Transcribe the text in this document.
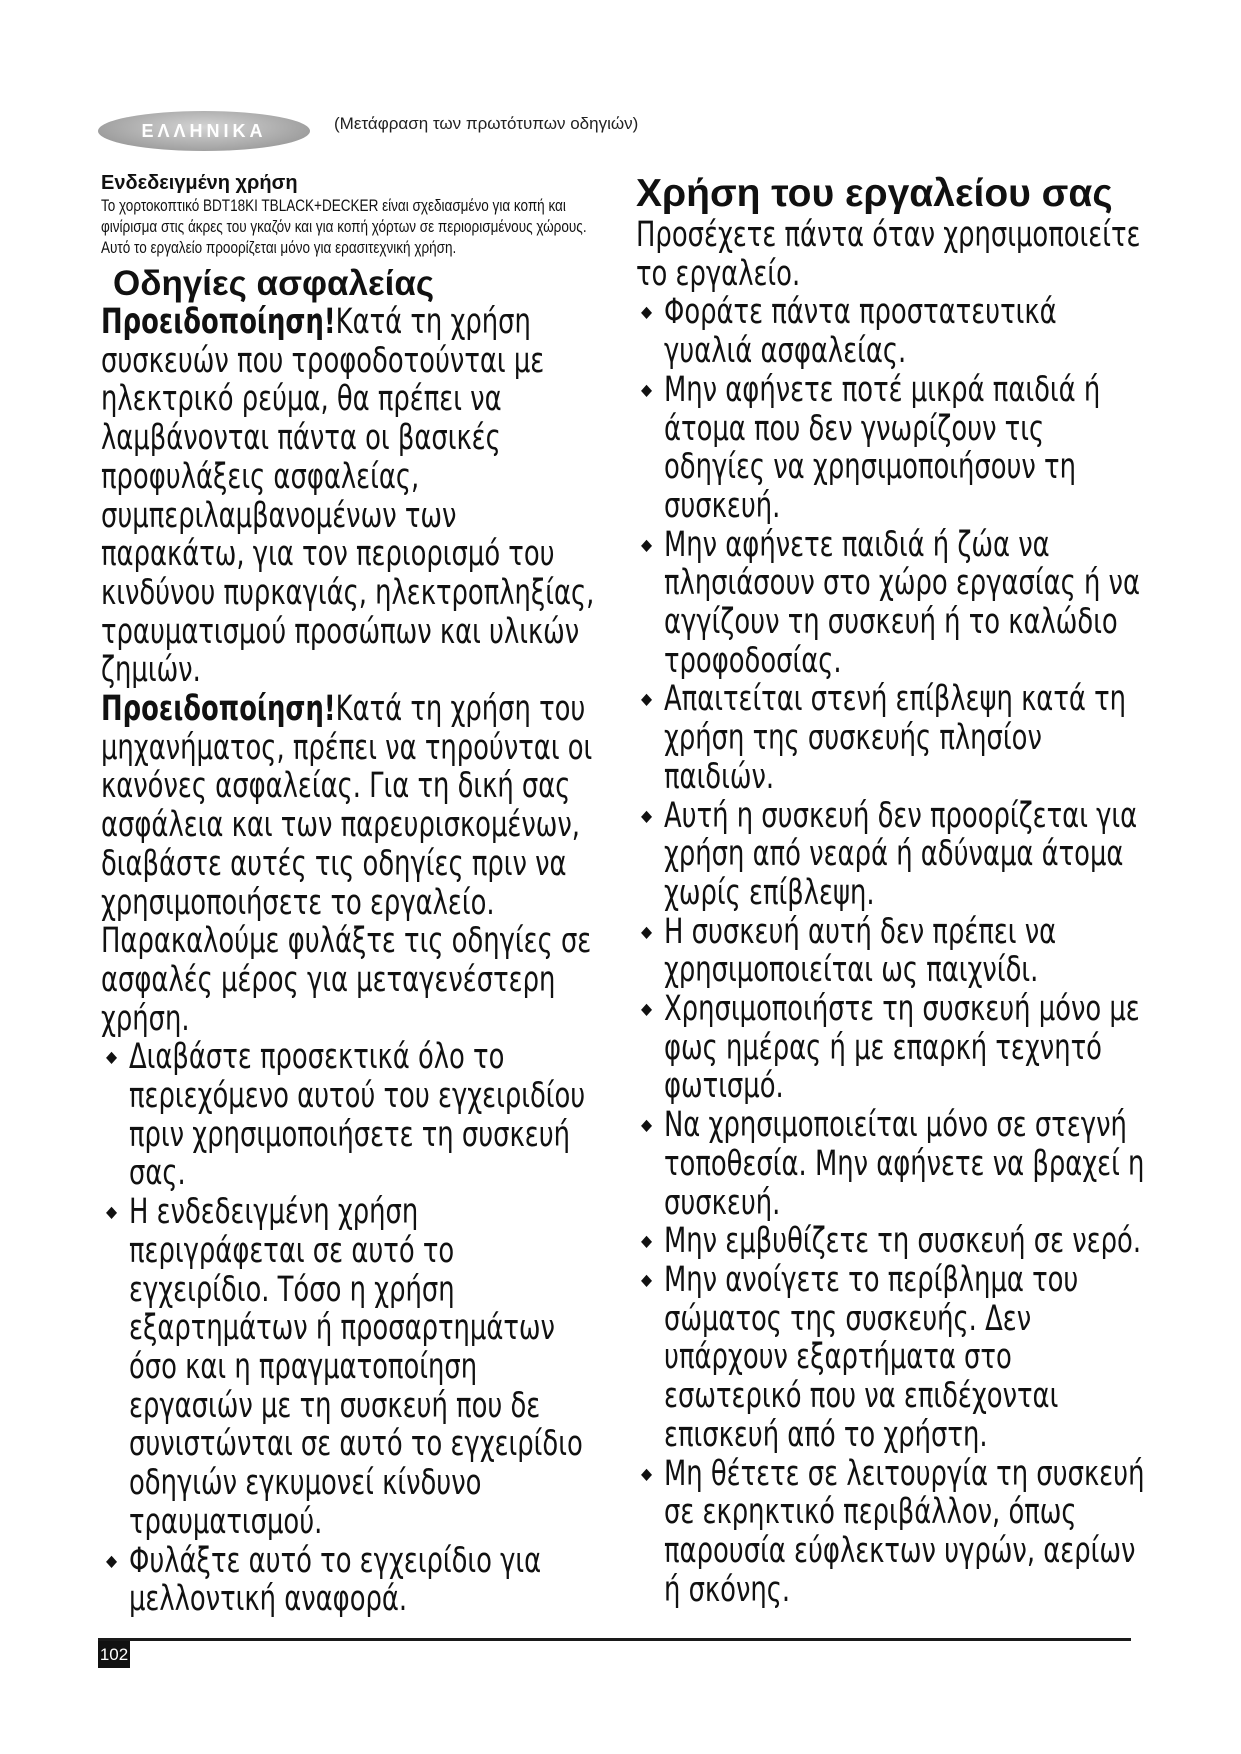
ΕΛΛΗΝΙΚΑ	(Μετάφραση των πρωτότυπων οδηγιών)
Ενδεδειγμένη χρήση
Το χορτοκοπτικό BDT18KI TBLACK+DECKER είναι σχεδιασμένο για κοπή και φινίρισμα στις άκρες του γκαζόν και για κοπή χόρτων σε περιορισμένους χώρους. Αυτό το εργαλείο προορίζεται μόνο για ερασιτεχνική χρήση.
Οδηγίες ασφαλείας
Προειδοποίηση!Κατά τη χρήση συσκευών που τροφοδοτούνται με ηλεκτρικό ρεύμα, θα πρέπει να λαμβάνονται πάντα οι βασικές προφυλάξεις ασφαλείας, συμπεριλαμβανομένων των παρακάτω, για τον περιορισμό του κινδύνου πυρκαγιάς, ηλεκτροπληξίας, τραυματισμού προσώπων και υλικών ζημιών.
Προειδοποίηση!Κατά τη χρήση του μηχανήματος, πρέπει να τηρούνται οι κανόνες ασφαλείας. Για τη δική σας ασφάλεια και των παρευρισκομένων, διαβάστε αυτές τις οδηγίες πριν να χρησιμοποιήσετε το εργαλείο. Παρακαλούμε φυλάξτε τις οδηγίες σε ασφαλές μέρος για μεταγενέστερη χρήση.
◆ Διαβάστε προσεκτικά όλο το περιεχόμενο αυτού του εγχειριδίου πριν χρησιμοποιήσετε τη συσκευή σας.
◆ Η ενδεδειγμένη χρήση περιγράφεται σε αυτό το εγχειρίδιο. Τόσο η χρήση εξαρτημάτων ή προσαρτημάτων όσο και η πραγματοποίηση εργασιών με τη συσκευή που δε συνιστώνται σε αυτό το εγχειρίδιο οδηγιών εγκυμονεί κίνδυνο τραυματισμού.
◆ Φυλάξτε αυτό το εγχειρίδιο για μελλοντική αναφορά.
Χρήση του εργαλείου σας
Προσέχετε πάντα όταν χρησιμοποιείτε το εργαλείο.
◆ Φοράτε πάντα προστατευτικά γυαλιά ασφαλείας.
◆ Μην αφήνετε ποτέ μικρά παιδιά ή άτομα που δεν γνωρίζουν τις οδηγίες να χρησιμοποιήσουν τη συσκευή.
◆ Μην αφήνετε παιδιά ή ζώα να πλησιάσουν στο χώρο εργασίας ή να αγγίζουν τη συσκευή ή το καλώδιο τροφοδοσίας.
◆ Απαιτείται στενή επίβλεψη κατά τη χρήση της συσκευής πλησίον παιδιών.
◆ Αυτή η συσκευή δεν προορίζεται για χρήση από νεαρά ή αδύναμα άτομα χωρίς επίβλεψη.
◆ Η συσκευή αυτή δεν πρέπει να χρησιμοποιείται ως παιχνίδι.
◆ Χρησιμοποιήστε τη συσκευή μόνο με φως ημέρας ή με επαρκή τεχνητό φωτισμό.
◆ Να χρησιμοποιείται μόνο σε στεγνή τοποθεσία. Μην αφήνετε να βραχεί η συσκευή.
◆ Μην εμβυθίζετε τη συσκευή σε νερό.
◆ Μην ανοίγετε το περίβλημα του σώματος της συσκευής. Δεν υπάρχουν εξαρτήματα στο εσωτερικό που να επιδέχονται επισκευή από το χρήστη.
◆ Μη θέτετε σε λειτουργία τη συσκευή σε εκρηκτικό περιβάλλον, όπως παρουσία εύφλεκτων υγρών, αερίων ή σκόνης.
102
